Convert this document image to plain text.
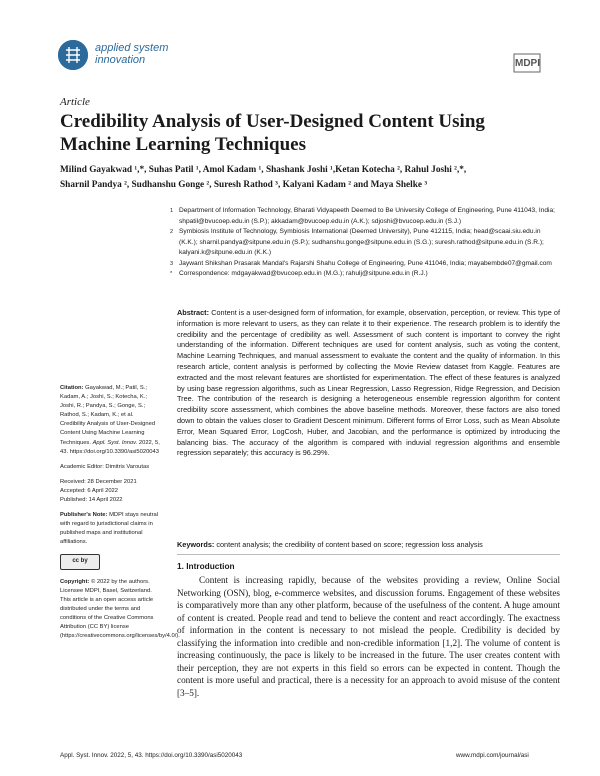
applied system
innovation	MDPI
Article
Credibility Analysis of User-Designed Content Using Machine Learning Techniques
Milind Gayakwad ¹,*, Suhas Patil ¹, Amol Kadam ¹, Shashank Joshi ¹,Ketan Kotecha ², Rahul Joshi ²,*,
Sharnil Pandya ², Sudhanshu Gonge ², Suresh Rathod ³, Kalyani Kadam ² and Maya Shelke ³
1 Department of Information Technology, Bharati Vidyapeeth Deemed to Be University College of Engineering, Pune 411043, India; shpatil@bvucoep.edu.in (S.P.); akkadam@bvucoep.edu.in (A.K.); sdjoshi@bvucoep.edu.in (S.J.)
2 Symbiosis Institute of Technology, Symbiosis International (Deemed University), Pune 412115, India; head@scaai.siu.edu.in (K.K.); sharnil.pandya@sitpune.edu.in (S.P.); sudhanshu.gonge@sitpune.edu.in (S.G.); suresh.rathod@sitpune.edu.in (S.R.); kalyani.k@sitpune.edu.in (K.K.)
3 Jaywant Shikshan Prasarak Mandal's Rajarshi Shahu College of Engineering, Pune 411046, India; mayabembde07@gmail.com
* Correspondence: mdgayakwad@bvucoep.edu.in (M.G.); rahulj@sitpune.edu.in (R.J.)
Abstract: Content is a user-designed form of information, for example, observation, perception, or review. This type of information is more relevant to users, as they can relate it to their experience. The research problem is to identify the credibility and the percentage of credibility as well. Assessment of such content is important to convey the right understanding of the information. Different techniques are used for content analysis, such as voting the content, Machine Learning Techniques, and manual assessment to evaluate the content and the quality of information. In this research article, content analysis is performed by collecting the Movie Review dataset from Kaggle. Features are extracted and the most relevant features are shortlisted for experimentation. The effect of these features is analyzed by using base regression algorithms, such as Linear Regression, Lasso Regression, Ridge Regression, and Decision Tree. The contribution of the research is designing a heterogeneous ensemble regression algorithm for content credibility score assessment, which combines the above baseline methods. Moreover, these factors are also toned down to obtain the values closer to Gradient Descent minimum. Different forms of Error Loss, such as Mean Absolute Error, Mean Squared Error, LogCosh, Huber, and Jacobian, and the performance is optimized by introducing the balancing bias. The accuracy of the algorithm is compared with induvial regression algorithms and ensemble regression separately; this accuracy is 96.29%.
Keywords: content analysis; the credibility of content based on score; regression loss analysis
Citation: Gayakwad, M.; Patil, S.; Kadam, A.; Joshi, S.; Kotecha, K.; Joshi, R.; Pandya, S.; Gonge, S.; Rathod, S.; Kadam, K.; et al. Credibility Analysis of User-Designed Content Using Machine Learning Techniques. Appl. Syst. Innov. 2022, 5, 43. https://doi.org/10.3390/asi5020043
Academic Editor: Dimitris Varoutas
Received: 28 December 2021
Accepted: 6 April 2022
Published: 14 April 2022
Publisher's Note: MDPI stays neutral with regard to jurisdictional claims in published maps and institutional affiliations.
cc by
Copyright: © 2022 by the authors. Licensee MDPI, Basel, Switzerland. This article is an open access article distributed under the terms and conditions of the Creative Commons Attribution (CC BY) license (https://creativecommons.org/licenses/by/4.0/).
1. Introduction
Content is increasing rapidly, because of the websites providing a review, Online Social Networking (OSN), blog, e-commerce websites, and discussion forums. Engagement of these websites is comparatively more than any other platform, because of the usefulness of the content. A huge amount of content is created. People read and tend to believe the content and react accordingly. The exactness of information in the content is necessary to not mislead the people. Credibility is decided by classifying the information into credible and non-credible information [1,2]. The volume of content is increasing continuously, the pace is likely to be increased in the future. The user creates content with their perception, they are not experts in this field so errors can be expected in content. Though the content is more useful and practical, there is a necessity for an approach to avoid misuse of the content [3–5].
Appl. Syst. Innov. 2022, 5, 43. https://doi.org/10.3390/asi5020043	www.mdpi.com/journal/asi
